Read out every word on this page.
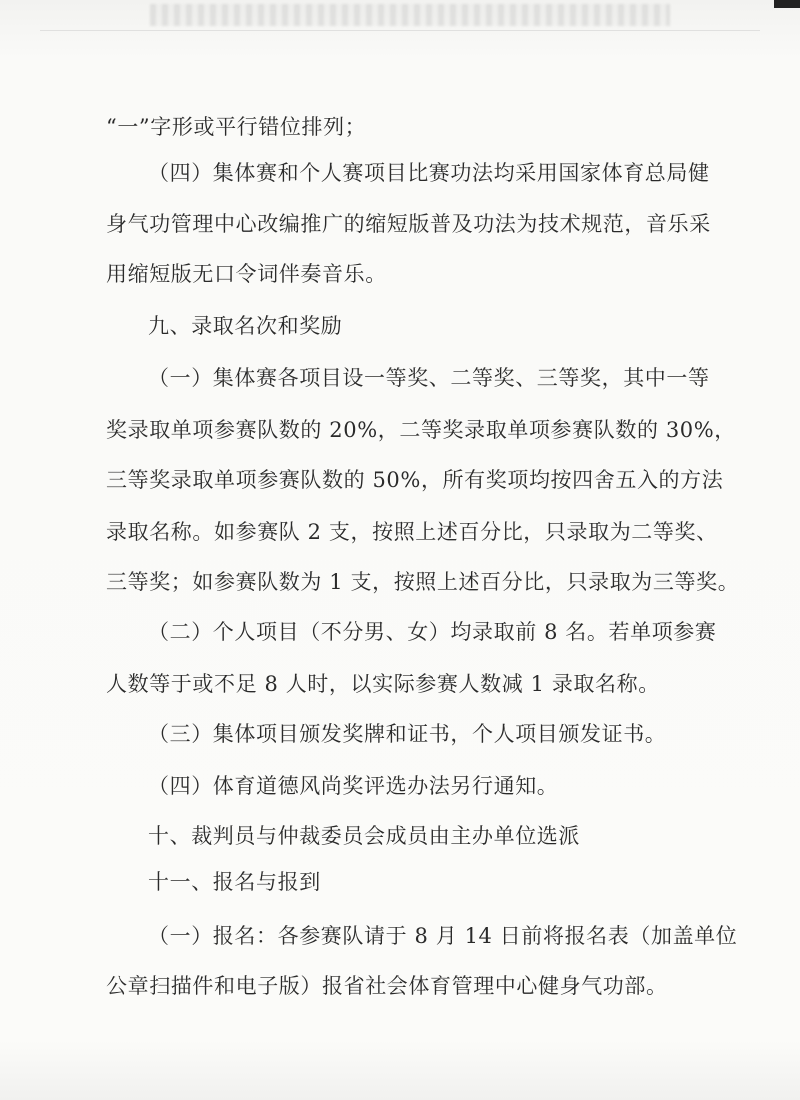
“一”字形或平行错位排列；
（四）集体赛和个人赛项目比赛功法均采用国家体育总局健
身气功管理中心改编推广的缩短版普及功法为技术规范，音乐采
用缩短版无口令词伴奏音乐。
九、录取名次和奖励
（一）集体赛各项目设一等奖、二等奖、三等奖，其中一等
奖录取单项参赛队数的 20%，二等奖录取单项参赛队数的 30%，
三等奖录取单项参赛队数的 50%，所有奖项均按四舍五入的方法
录取名称。如参赛队 2 支，按照上述百分比，只录取为二等奖、
三等奖；如参赛队数为 1 支，按照上述百分比，只录取为三等奖。
（二）个人项目（不分男、女）均录取前 8 名。若单项参赛
人数等于或不足 8 人时，以实际参赛人数减 1 录取名称。
（三）集体项目颁发奖牌和证书，个人项目颁发证书。
（四）体育道德风尚奖评选办法另行通知。
十、裁判员与仲裁委员会成员由主办单位选派
十一、报名与报到
（一）报名：各参赛队请于 8 月 14 日前将报名表（加盖单位
公章扫描件和电子版）报省社会体育管理中心健身气功部。
